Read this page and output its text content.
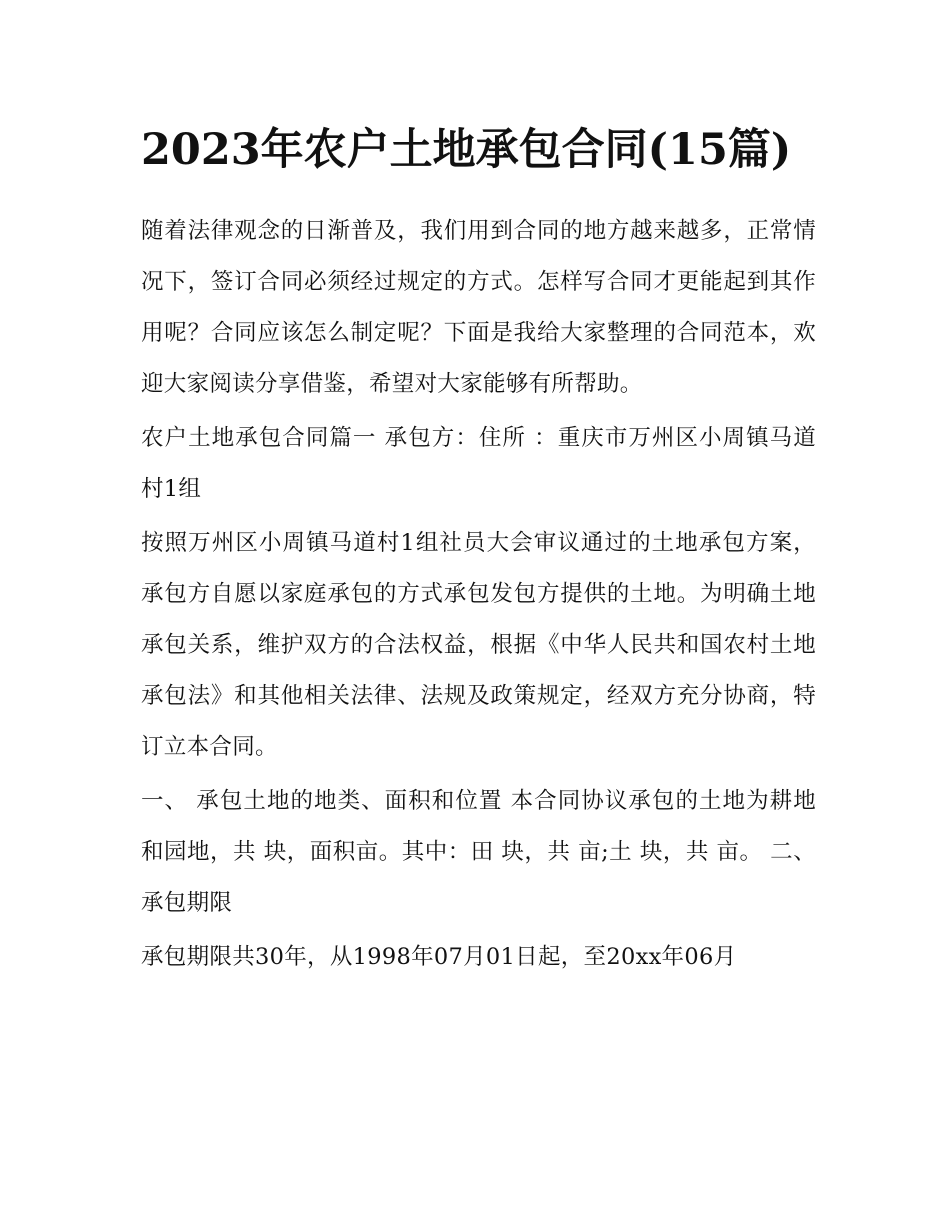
2023年农户土地承包合同(15篇)

随着法律观念的日渐普及，我们用到合同的地方越来越多，正常情况下，签订合同必须经过规定的方式。怎样写合同才更能起到其作用呢？合同应该怎么制定呢？下面是我给大家整理的合同范本，欢迎大家阅读分享借鉴，希望对大家能够有所帮助。

农户土地承包合同篇一 承包方：住所 ：重庆市万州区小周镇马道村1组

按照万州区小周镇马道村1组社员大会审议通过的土地承包方案，承包方自愿以家庭承包的方式承包发包方提供的土地。为明确土地承包关系，维护双方的合法权益，根据《中华人民共和国农村土地承包法》和其他相关法律、法规及政策规定，经双方充分协商，特订立本合同。

一、 承包土地的地类、面积和位置 本合同协议承包的土地为耕地和园地，共 块，面积亩。其中：田 块，共 亩;土 块，共 亩。 二、承包期限

承包期限共30年，从1998年07月01日起，至20xx年06月
